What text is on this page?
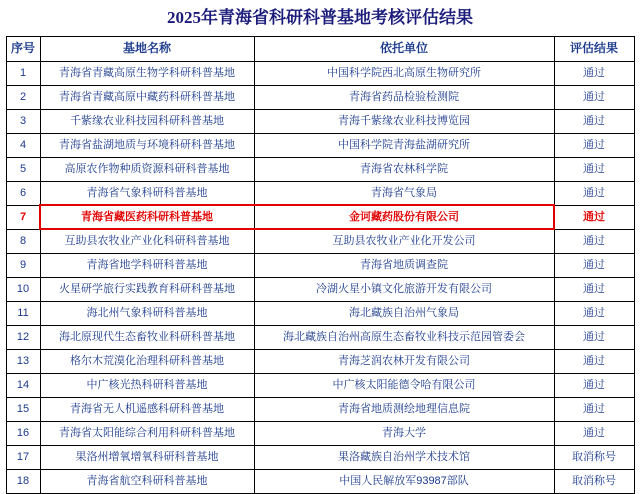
2025年青海省科研科普基地考核评估结果
序号	基地名称	依托单位	评估结果
1	青海省青藏高原生物学科研科普基地	中国科学院西北高原生物研究所	通过
2	青海省青藏高原中藏药科研科普基地	青海省药品检验检测院	通过
3	千紫缘农业科技园科研科普基地	青海千紫缘农业科技博览园	通过
4	青海省盐湖地质与环境科研科普基地	中国科学院青海盐湖研究所	通过
5	高原农作物种质资源科研科普基地	青海省农林科学院	通过
6	青海省气象科研科普基地	青海省气象局	通过
7	青海省藏医药科研科普基地	金诃藏药股份有限公司	通过
8	互助县农牧业产业化科研科普基地	互助县农牧业产业化开发公司	通过
9	青海省地学科研科普基地	青海省地质调查院	通过
10	火星研学旅行实践教育科研科普基地	冷湖火星小镇文化旅游开发有限公司	通过
11	海北州气象科研科普基地	海北藏族自治州气象局	通过
12	海北原现代生态畜牧业科研科普基地	海北藏族自治州高原生态畜牧业科技示范园管委会	通过
13	格尔木荒漠化治理科研科普基地	青海芝润农林开发有限公司	通过
14	中广核光热科研科普基地	中广核太阳能德令哈有限公司	通过
15	青海省无人机遥感科研科普基地	青海省地质测绘地理信息院	通过
16	青海省太阳能综合利用科研科普基地	青海大学	通过
17	果洛州增氧增氧科研科普基地	果洛藏族自治州学术技术馆	取消称号
18	青海省航空科研科普基地	中国人民解放军93987部队	取消称号
